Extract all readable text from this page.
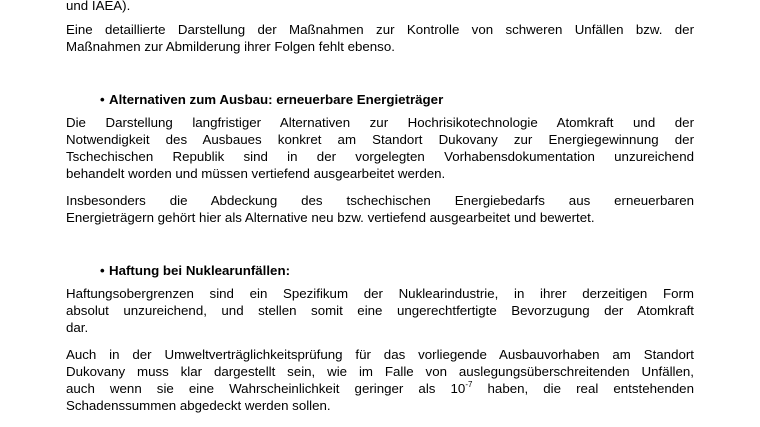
und IAEA).
Eine detaillierte Darstellung der Maßnahmen zur Kontrolle von schweren Unfällen bzw. der
Maßnahmen zur Abmilderung ihrer Folgen fehlt ebenso.
• Alternativen zum Ausbau: erneuerbare Energieträger
Die Darstellung langfristiger Alternativen zur Hochrisikotechnologie Atomkraft und der
Notwendigkeit des Ausbaues konkret am Standort Dukovany zur Energiegewinnung der
Tschechischen Republik sind in der vorgelegten Vorhabensdokumentation unzureichend
behandelt worden und müssen vertiefend ausgearbeitet werden.
Insbesonders die Abdeckung des tschechischen Energiebedarfs aus erneuerbaren
Energieträgern gehört hier als Alternative neu bzw. vertiefend ausgearbeitet und bewertet.
• Haftung bei Nuklearunfällen:
Haftungsobergrenzen sind ein Spezifikum der Nuklearindustrie, in ihrer derzeitigen Form
absolut unzureichend, und stellen somit eine ungerechtfertigte Bevorzugung der Atomkraft
dar.
Auch in der Umweltverträglichkeitsprüfung für das vorliegende Ausbauvorhaben am Standort
Dukovany muss klar dargestellt sein, wie im Falle von auslegungsüberschreitenden Unfällen,
auch wenn sie eine Wahrscheinlichkeit geringer als $10^{-7}$ haben, die real entstehenden
Schadenssummen abgedeckt werden sollen.
